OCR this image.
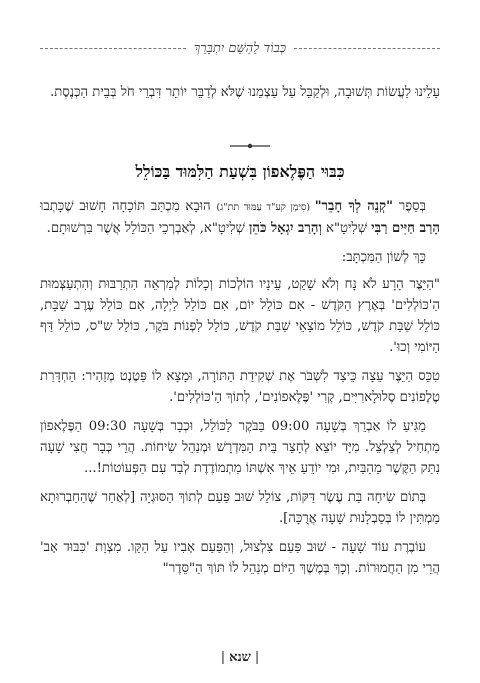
כְּבוֹד לַהַשֵּׁם יִתְבָּרֵךְ

עָלֵינוּ לַעֲשׂוֹת תְּשׁוּבָה, וּלְקַבֵּל עַל עַצְמֵנוּ שֶׁלֹּא לְדַבֵּר יוֹתֵר דִּבְרֵי חֹל בְּבֵית הַכְּנֶסֶת.

כִּבּוּי הַפֶּלֶאפוֹן בִּשְׁעַת הַלִּמּוּד בַּכּוֹלֵל

בְּסֵפֶר "קְנֵה לְךָ חָבֵר" (סִימָן קע"ד עַמּוּד תת"ג) הוּבָא מִכְתַּב תּוֹכָחָה חָשׁוּב שֶׁכָּתְבוּ הָרַב חַיִּים רַבִּי שְׁלִיטָ"א וְהָרַב יִגְאָל כֹּהֵן שְׁלִיטָ"א, לְאַבְרְכֵי הַכּוֹלֵל אֲשֶׁר בִּרְשׁוּתָם.

כָּךְ לְשׁוֹן הַמִּכְתָּב:

"הַיֵּצֶר הָרָע לֹא נָח וְלֹא שָׁקֵט, עֵינָיו הוֹלְכוֹת וְכָלוֹת לְמַרְאֵה הִתְרַבּוּת וְהִתְעַצְּמוּת הַ'כּוֹלְלִים' בְּאֶרֶץ הַקֹּדֶשׁ - אִם כּוֹלֵל יוֹם, אִם כּוֹלֵל לַיְלָה, אִם כּוֹלֵל עֶרֶב שַׁבָּת, כּוֹלֵל שַׁבַּת קֹדֶשׁ, כּוֹלֵל מוֹצָאֵי שַׁבַּת קֹדֶשׁ, כּוֹלֵל לִפְנוֹת בֹּקֶר, כּוֹלֵל ש"ס, כּוֹלֵל דַּף הַיּוֹמִי וְכוּ'.

טִכֵּס הַיֵּצֶר עֵצָה כֵּיצַד לִשְׁבֹּר אֶת שְׁקִידַת הַתּוֹרָה, וּמָצָא לוֹ פַּטֶנְט מְזַהִיר: הַחְדָּרַת טֶלֶפוֹנִים סֶלוּלָארִיִּים, קְרִי 'פֶּלֶאפוֹנִים', לְתוֹךְ הַ'כּוֹלְלִים'.

מַגִּיעַ לוֹ אַבְרֵךְ בְּשָׁעָה 09:00 בַּבֹּקֶר לַכּוֹלֵל, וּכְבָר בְּשָׁעָה 09:30 הַפֶּלֶאפוֹן מַתְחִיל לְצַלְצֵל. מִיָּד יוֹצֵא לְחָצֵר בֵּית הַמִּדְרָשׁ וּמְנַהֵל שִׂיחוֹת. הֲרֵי כְּבָר חֲצִי שָׁעָה נִתַּק הַקֶּשֶׁר מֵהַבַּיִת, וּמִי יוֹדֵעַ אֵיךְ אִשְׁתּוֹ מִתְמוֹדֶדֶת לְבַד עִם הַפְּעוֹטוֹת!...

בְּתוֹם שִׂיחָה בַּת עֶשֶׂר דַּקּוֹת, צוֹלֵל שׁוּב פַּעַם לְתוֹךְ הַסּוּגְיָה [לְאַחַר שֶׁהַחַבְרוּתָא מַמְתִּין לוֹ בְּסַבְלָנוּת שָׁעָה אֲרֻכָּה].

עוֹבֶרֶת עוֹד שָׁעָה - שׁוּב פַּעַם צִלְצוּל, וְהַפַּעַם אָבִיו עַל הַקַּו. מִצְוַת 'כִּבּוּד אָב' הֲרֵי מִן הַחֲמוּרוֹת. וְכָךְ בְּמֶשֶׁךְ הַיּוֹם מְנַהֵל לוֹ תּוֹךְ הַ"סֵּדֶר"

|שנא|
